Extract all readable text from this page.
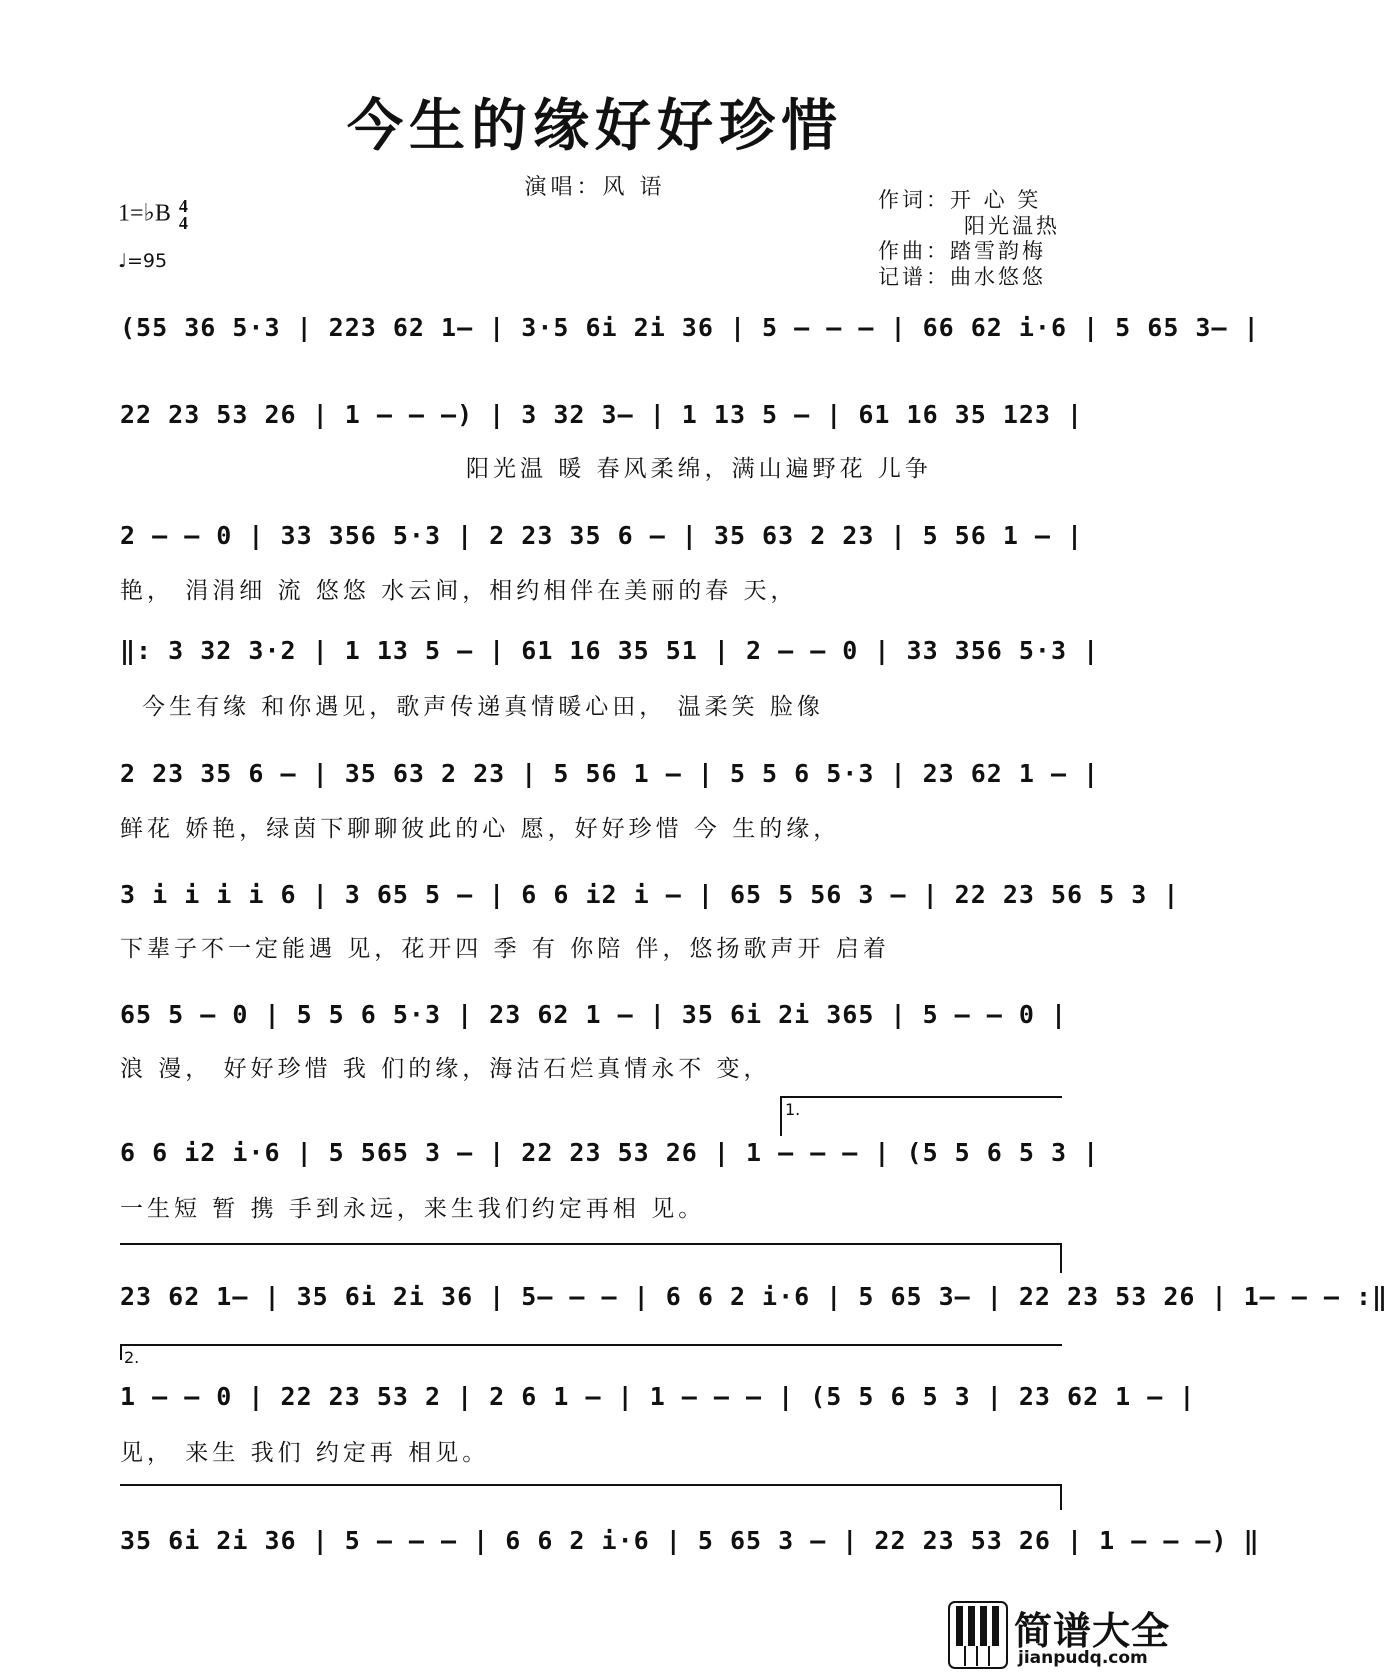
今生的缘好好珍惜
演唱：风 语	作词：开 心 笑
阳光温热
作曲：踏雪韵梅
记谱：曲水悠悠
1=♭B 4
4
♩=95
(55 36 5·3 | 223 62 1– | 3·5 6i 2i 36 | 5 – – – | 66 62 i·6 | 5 65 3– |
22 23 53 26 | 1 – – –) | 3 32 3– | 1 13 5 – | 61 16 35 123 |
阳光温 暖 春风柔绵，满山遍野花 儿争
2 – – 0 | 33 356 5·3 | 2 23 35 6 – | 35 63 2 23 | 5 56 1 – |
艳， 涓涓细 流 悠悠 水云间，相约相伴在美丽的春 天，
‖: 3 32 3·2 | 1 13 5 – | 61 16 35 51 | 2 – – 0 | 33 356 5·3 |
今生有缘 和你遇见，歌声传递真情暖心田， 温柔笑 脸像
2 23 35 6 – | 35 63 2 23 | 5 56 1 – | 5 5 6 5·3 | 23 62 1 – |
鲜花 娇艳，绿茵下聊聊彼此的心 愿，好好珍惜 今 生的缘，
3 i i i i 6 | 3 65 5 – | 6 6 i2 i – | 65 5 56 3 – | 22 23 56 5 3 |
下辈子不一定能遇 见，花开四 季 有 你陪 伴，悠扬歌声开 启着
65 5 – 0 | 5 5 6 5·3 | 23 62 1 – | 35 6i 2i 365 | 5 – – 0 |
浪 漫， 好好珍惜 我 们的缘，海沽石烂真情永不 变，
1.
6 6 i2 i·6 | 5 565 3 – | 22 23 53 26 | 1 – – – | (5 5 6 5 3 |
一生短 暂 携 手到永远，来生我们约定再相 见。
23 62 1– | 35 6i 2i 36 | 5– – – | 6 6 2 i·6 | 5 65 3– | 22 23 53 26 | 1– – – :‖
2.
1 – – 0 | 22 23 53 2 | 2 6 1 – | 1 – – – | (5 5 6 5 3 | 23 62 1 – |
见， 来生 我们 约定再 相见。
35 6i 2i 36 | 5 – – – | 6 6 2 i·6 | 5 65 3 – | 22 23 53 26 | 1 – – –) ‖
简谱大全
jianpudq.com
